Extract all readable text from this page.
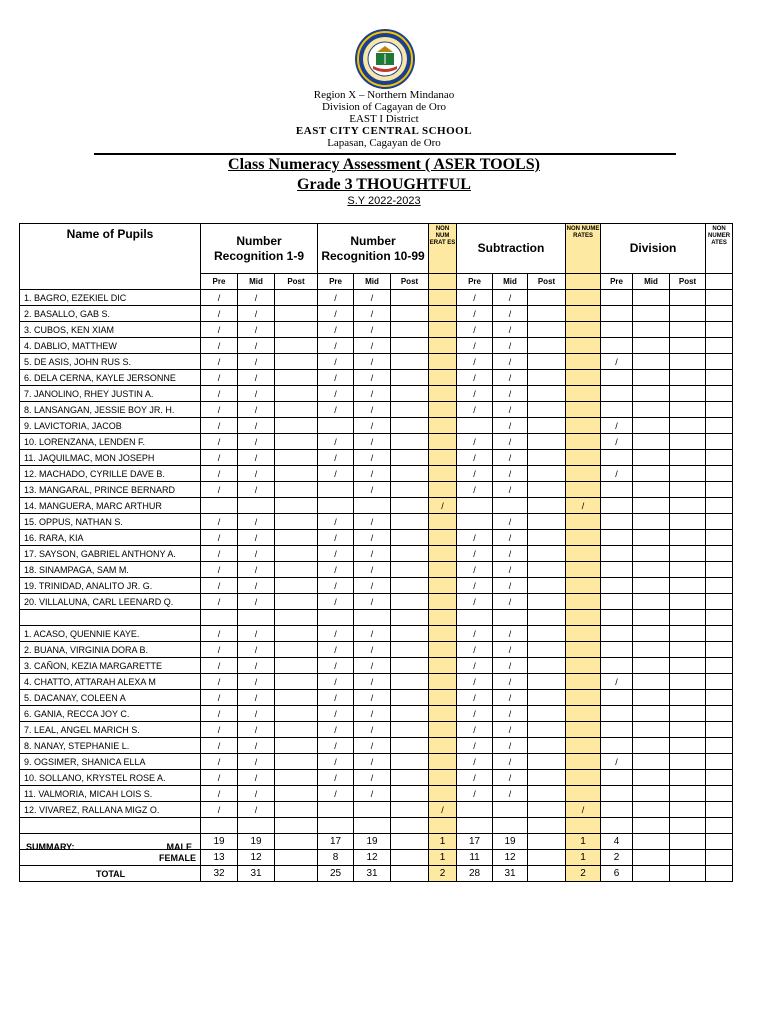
Region X – Northern Mindanao
Division of Cagayan de Oro
EAST I District
EAST CITY CENTRAL SCHOOL
Lapasan, Cagayan de Oro
Class Numeracy Assessment ( ASER TOOLS)
Grade 3 THOUGHTFUL
S.Y 2022-2023
Name of Pupils	Number Recognition 1-9			Number Recognition 10-99			NON NUM ERAT ES	Subtraction			NON NUME RATES	Division			NON NUMER ATES
	Pre	Mid	Post	Pre	Mid	Post		Pre	Mid	Post		Pre	Mid	Post	
1. BAGRO, EZEKIEL DIC	/	/		/	/			/	/						
2. BASALLO, GAB S.	/	/		/	/			/	/						
3. CUBOS, KEN XIAM	/	/		/	/			/	/						
4. DABLIO, MATTHEW	/	/		/	/			/	/						
5. DE ASIS, JOHN RUS S.	/	/		/	/			/	/			/			
6. DELA CERNA, KAYLE JERSONNE	/	/		/	/			/	/						
7. JANOLINO, RHEY JUSTIN A.	/	/		/	/			/	/						
8. LANSANGAN, JESSIE BOY JR. H.	/	/		/	/			/	/						
9. LAVICTORIA, JACOB	/	/			/				/			/			
10. LORENZANA, LENDEN F.	/	/		/	/			/	/			/			
11. JAQUILMAC, MON JOSEPH	/	/		/	/			/	/						
12. MACHADO, CYRILLE DAVE B.	/	/		/	/			/	/			/			
13. MANGARAL, PRINCE BERNARD	/	/			/			/	/						
14. MANGUERA, MARC ARTHUR							/				/				
15. OPPUS, NATHAN S.	/	/		/	/				/						
16. RARA, KIA	/	/		/	/			/	/						
17. SAYSON, GABRIEL ANTHONY A.	/	/		/	/			/	/						
18. SINAMPAGA, SAM M.	/	/		/	/			/	/						
19. TRINIDAD, ANALITO JR. G.	/	/		/	/			/	/						
20. VILLALUNA, CARL LEENARD Q.	/	/		/	/			/	/						

1. ACASO, QUENNIE KAYE.	/	/		/	/			/	/						
2. BUANA, VIRGINIA DORA B.	/	/		/	/			/	/						
3. CAÑON, KEZIA MARGARETTE	/	/		/	/			/	/						
4. CHATTO, ATTARAH ALEXA M	/	/		/	/			/	/			/			
5. DACANAY, COLEEN A	/	/		/	/			/	/						
6. GANIA, RECCA JOY C.	/	/		/	/			/	/						
7. LEAL, ANGEL MARICH S.	/	/		/	/			/	/						
8. NANAY, STEPHANIE L.	/	/		/	/			/	/						
9. OGSIMER, SHANICA ELLA	/	/		/	/			/	/			/			
10. SOLLANO, KRYSTEL ROSE A.	/	/		/	/			/	/						
11. VALMORIA, MICAH LOIS S.	/	/		/	/			/	/						
12. VIVAREZ, RALLANA MIGZ O.	/	/					/				/				

SUMMARY: MALE	19	19		17	19		1	17	19		1	4			
FEMALE	13	12		8	12		1	11	12		1	2			
TOTAL	32	31		25	31		2	28	31		2	6			
